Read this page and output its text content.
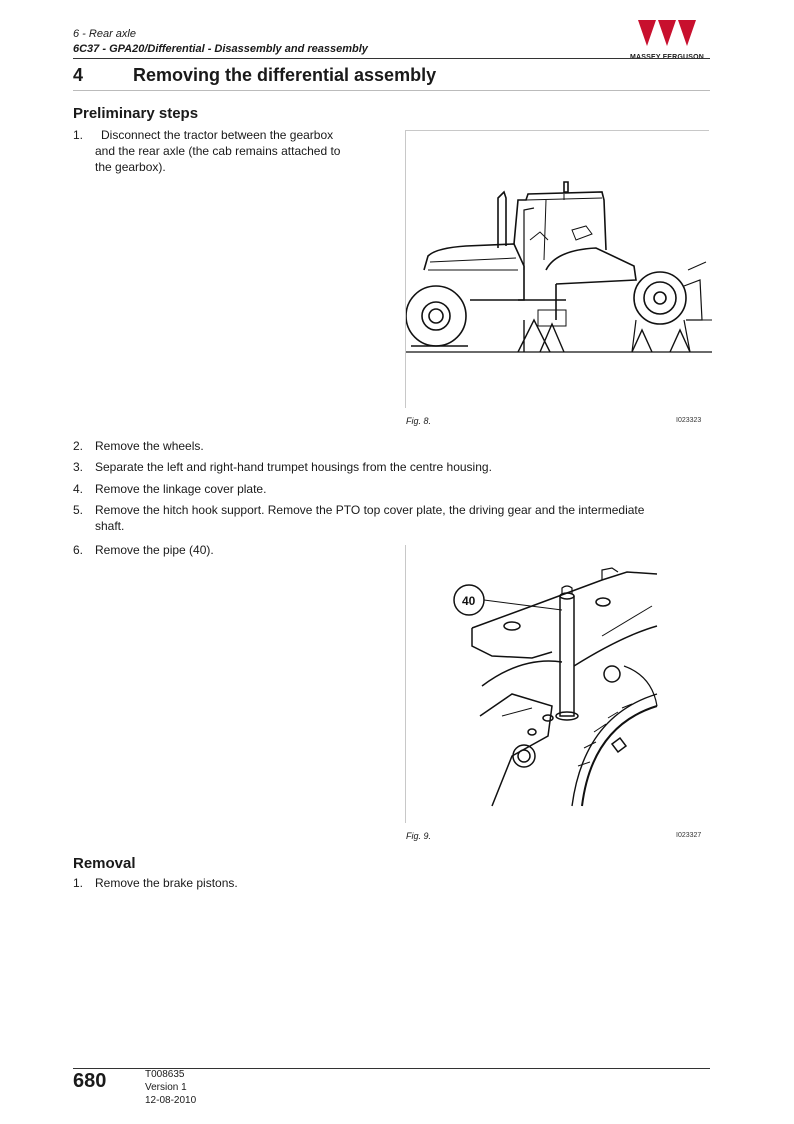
6 - Rear axle
6C37 - GPA20/Differential - Disassembly and reassembly
MASSEY FERGUSON
4	Removing the differential assembly
Preliminary steps
1.	Disconnect the tractor between the gearbox
and the rear axle (the cab remains attached to
the gearbox).
Fig. 8.	I023323
2. Remove the wheels.
3. Separate the left and right-hand trumpet housings from the centre housing.
4. Remove the linkage cover plate.
5. Remove the hitch hook support. Remove the PTO top cover plate, the driving gear and the intermediate
shaft.
6. Remove the pipe (40).
40
Fig. 9.	I023327
Removal
1. Remove the brake pistons.
680	T008635
Version 1
12-08-2010
